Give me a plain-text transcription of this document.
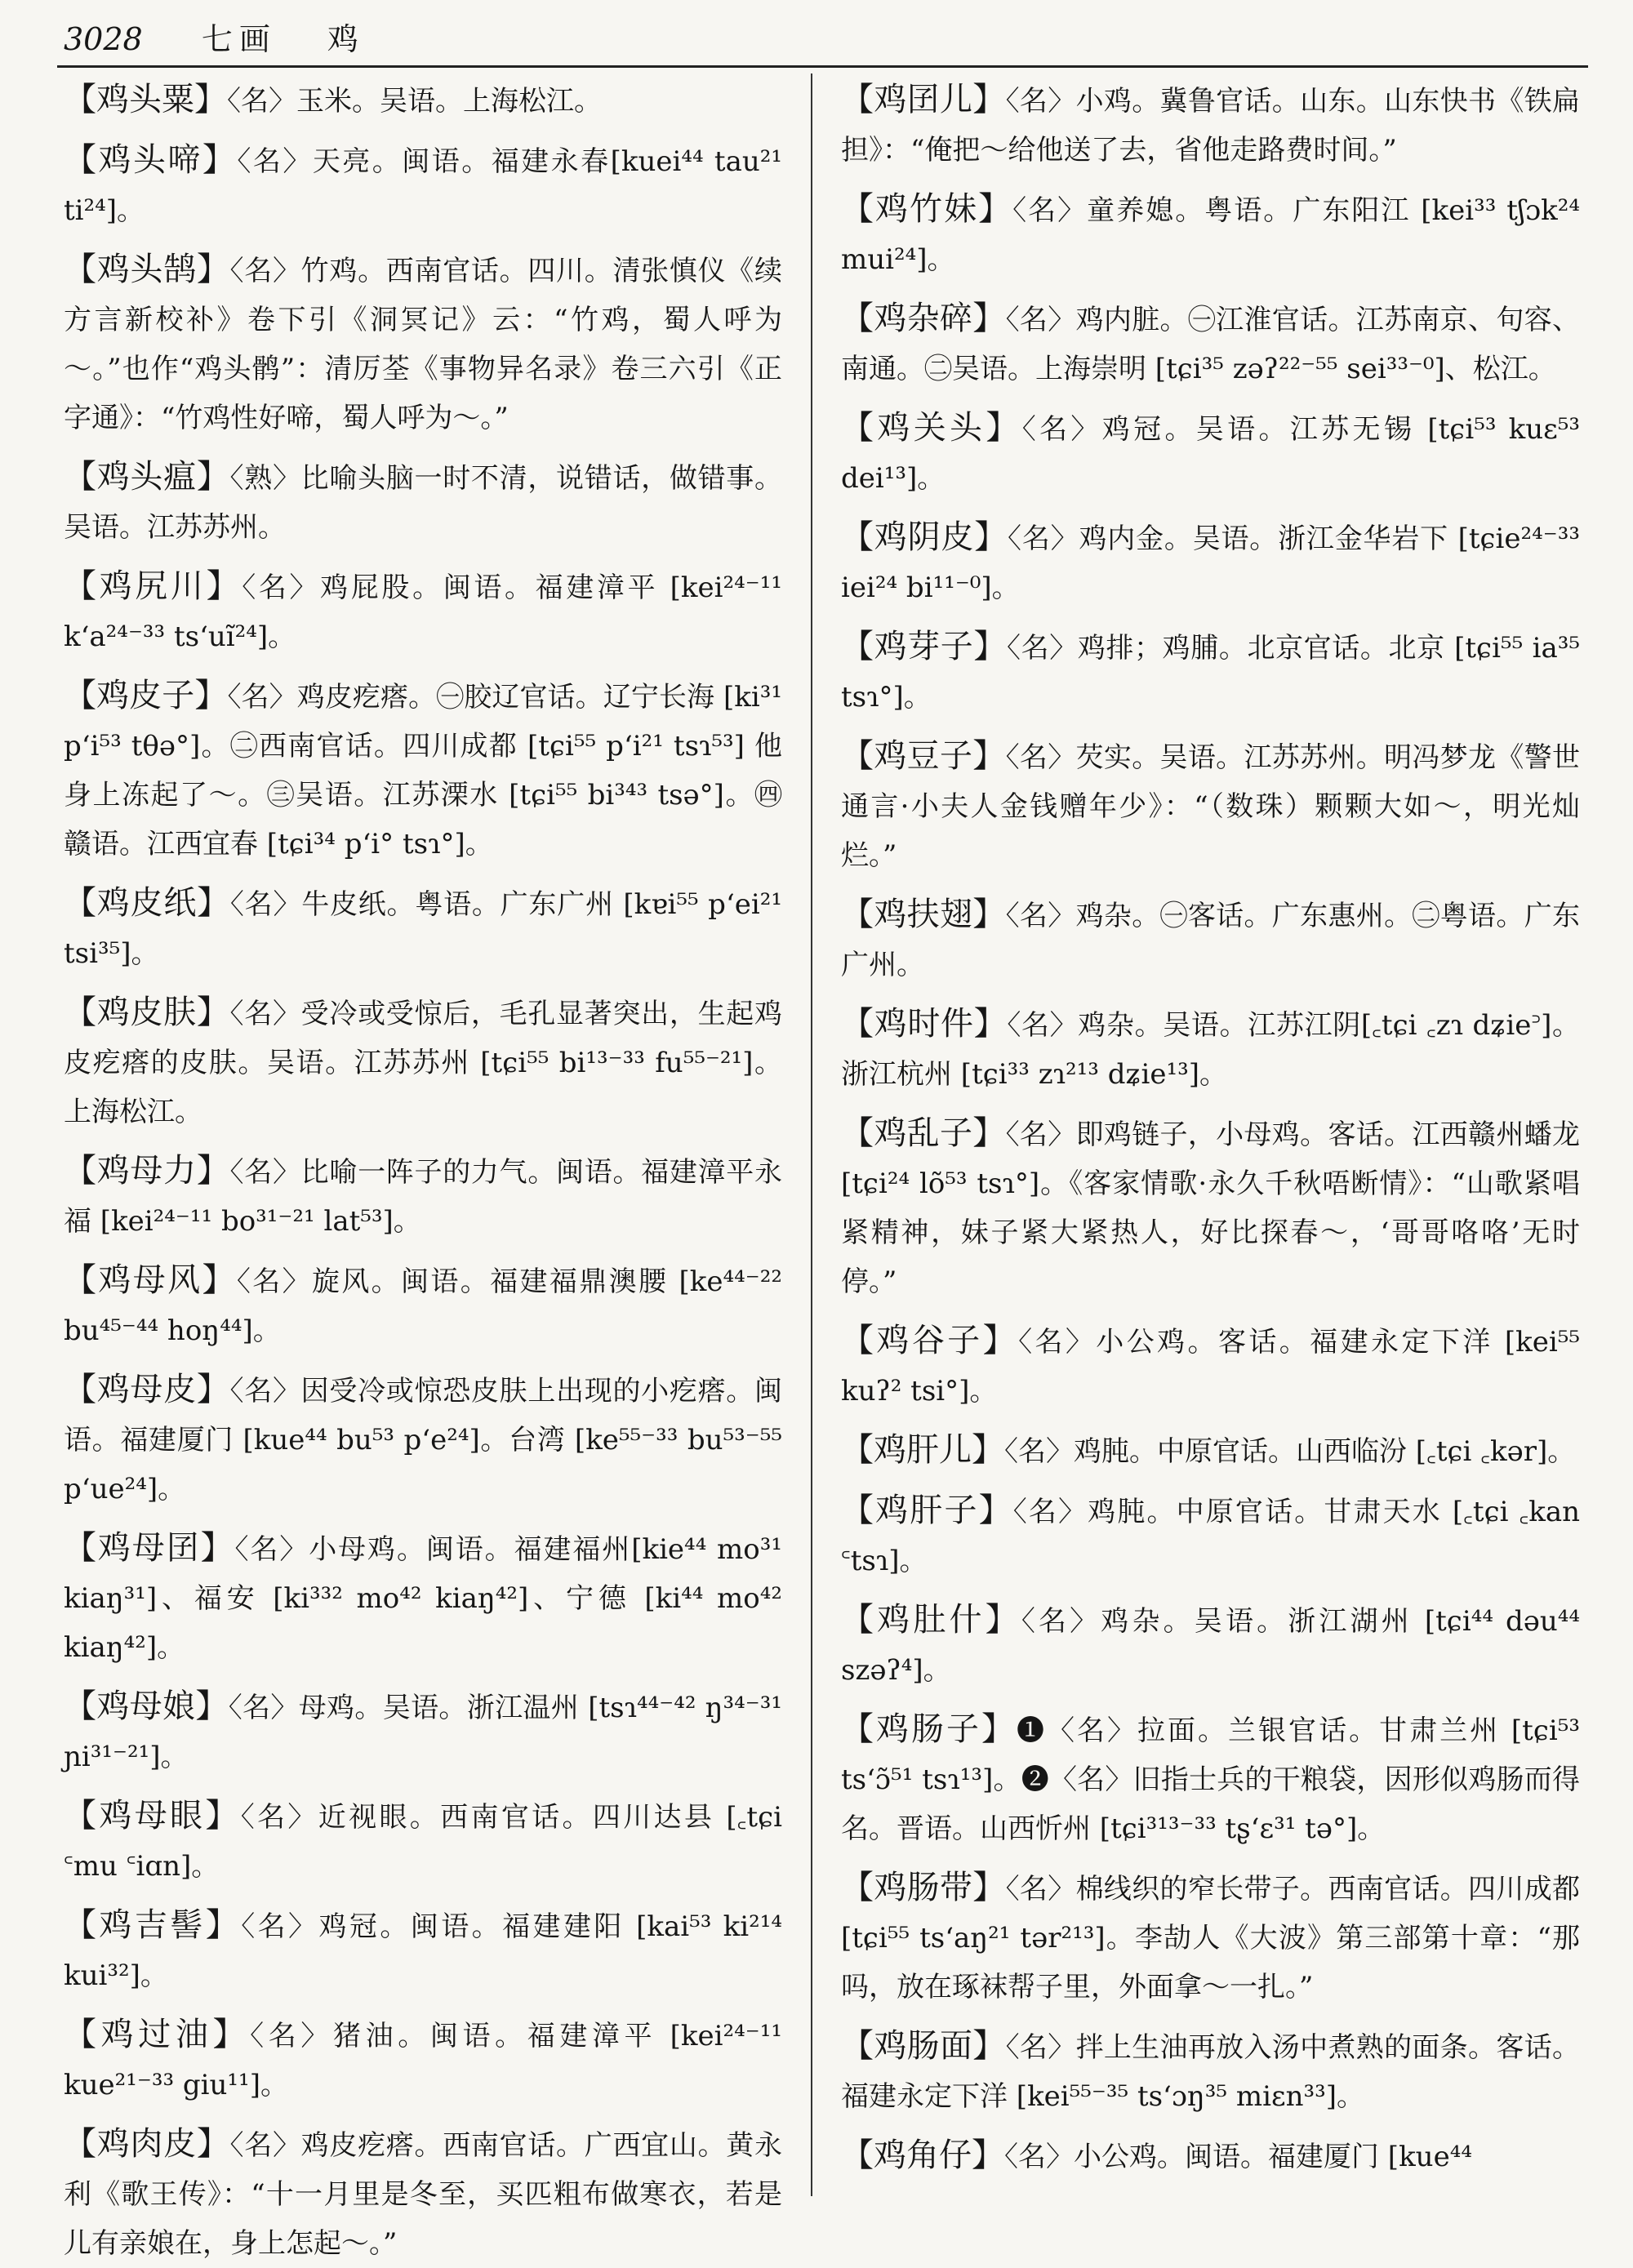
3028 七画 鸡

【鸡头粟】〈名〉玉米。吴语。上海松江。

【鸡头啼】〈名〉天亮。闽语。福建永春[kuei⁴⁴ tau²¹ ti²⁴]。

【鸡头鹄】〈名〉竹鸡。西南官话。四川。清张慎仪《续方言新校补》卷下引《洞冥记》云：“竹鸡，蜀人呼为～。”也作“鸡头鹘”：清厉荃《事物异名录》卷三六引《正字通》：“竹鸡性好啼，蜀人呼为～。”

【鸡头瘟】〈熟〉比喻头脑一时不清，说错话，做错事。吴语。江苏苏州。

【鸡尻川】〈名〉鸡屁股。闽语。福建漳平 [kei²⁴⁻¹¹ k‘a²⁴⁻³³ ts‘uĩ²⁴]。

【鸡皮子】〈名〉鸡皮疙瘩。㊀胶辽官话。辽宁长海 [ki³¹ p‘i⁵³ tθə°]。㊁西南官话。四川成都 [tɕi⁵⁵ p‘i²¹ tsɿ⁵³] 他身上冻起了～。㊂吴语。江苏溧水 [tɕi⁵⁵ bi³⁴³ tsə°]。㊃赣语。江西宜春 [tɕi³⁴ p‘i° tsɿ°]。

【鸡皮纸】〈名〉牛皮纸。粤语。广东广州 [kɐi⁵⁵ p‘ei²¹ tsi³⁵]。

【鸡皮肤】〈名〉受冷或受惊后，毛孔显著突出，生起鸡皮疙瘩的皮肤。吴语。江苏苏州 [tɕi⁵⁵ bi¹³⁻³³ fu⁵⁵⁻²¹]。上海松江。

【鸡母力】〈名〉比喻一阵子的力气。闽语。福建漳平永福 [kei²⁴⁻¹¹ bo³¹⁻²¹ lat⁵³]。

【鸡母风】〈名〉旋风。闽语。福建福鼎澳腰 [ke⁴⁴⁻²² bu⁴⁵⁻⁴⁴ hoŋ⁴⁴]。

【鸡母皮】〈名〉因受冷或惊恐皮肤上出现的小疙瘩。闽语。福建厦门 [kue⁴⁴ bu⁵³ p‘e²⁴]。台湾 [ke⁵⁵⁻³³ bu⁵³⁻⁵⁵ p‘ue²⁴]。

【鸡母囝】〈名〉小母鸡。闽语。福建福州[kie⁴⁴ mo³¹ kiaŋ³¹]、福安 [ki³³² mo⁴² kiaŋ⁴²]、宁德 [ki⁴⁴ mo⁴² kiaŋ⁴²]。

【鸡母娘】〈名〉母鸡。吴语。浙江温州 [tsɿ⁴⁴⁻⁴² ŋ³⁴⁻³¹ ɲi³¹⁻²¹]。

【鸡母眼】〈名〉近视眼。西南官话。四川达县 [꜀tɕi ꜂mu ꜂iɑn]。

【鸡吉髻】〈名〉鸡冠。闽语。福建建阳 [kai⁵³ ki²¹⁴ kui³²]。

【鸡过油】〈名〉猪油。闽语。福建漳平 [kei²⁴⁻¹¹ kue²¹⁻³³ giu¹¹]。

【鸡肉皮】〈名〉鸡皮疙瘩。西南官话。广西宜山。黄永利《歌王传》：“十一月里是冬至，买匹粗布做寒衣，若是儿有亲娘在，身上怎起～。”

【鸡囝儿】〈名〉小鸡。冀鲁官话。山东。山东快书《铁扁担》：“俺把～给他送了去，省他走路费时间。”

【鸡竹妹】〈名〉童养媳。粤语。广东阳江 [kei³³ tʃɔk²⁴ mui²⁴]。

【鸡杂碎】〈名〉鸡内脏。㊀江淮官话。江苏南京、句容、南通。㊁吴语。上海崇明 [tɕi³⁵ zəʔ²²⁻⁵⁵ sei³³⁻⁰]、松江。

【鸡关头】〈名〉鸡冠。吴语。江苏无锡 [tɕi⁵³ kuɛ⁵³ dei¹³]。

【鸡阴皮】〈名〉鸡内金。吴语。浙江金华岩下 [tɕie²⁴⁻³³ iei²⁴ bi¹¹⁻⁰]。

【鸡芽子】〈名〉鸡排；鸡脯。北京官话。北京 [tɕi⁵⁵ ia³⁵ tsɿ°]。

【鸡豆子】〈名〉芡实。吴语。江苏苏州。明冯梦龙《警世通言·小夫人金钱赠年少》：“（数珠）颗颗大如～，明光灿烂。”

【鸡扶翅】〈名〉鸡杂。㊀客话。广东惠州。㊁粤语。广东广州。

【鸡时件】〈名〉鸡杂。吴语。江苏江阴[꜀tɕi ꜀zɿ dʑie꜄]。浙江杭州 [tɕi³³ zɿ²¹³ dʑie¹³]。

【鸡乱子】〈名〉即鸡链子，小母鸡。客话。江西赣州蟠龙 [tɕi²⁴ lõ⁵³ tsɿ°]。《客家情歌·永久千秋唔断情》：“山歌紧唱紧精神，妹子紧大紧热人，好比探春～，‘哥哥咯咯’无时停。”

【鸡谷子】〈名〉小公鸡。客话。福建永定下洋 [kei⁵⁵ kuʔ² tsi°]。

【鸡肝儿】〈名〉鸡肫。中原官话。山西临汾 [꜀tɕi ꜀kər]。

【鸡肝子】〈名〉鸡肫。中原官话。甘肃天水 [꜀tɕi ꜀kan ꜂tsɿ]。

【鸡肚什】〈名〉鸡杂。吴语。浙江湖州 [tɕi⁴⁴ dəu⁴⁴ szəʔ⁴]。

【鸡肠子】❶〈名〉拉面。兰银官话。甘肃兰州 [tɕi⁵³ ts‘ɔ̃⁵¹ tsɿ¹³]。❷〈名〉旧指士兵的干粮袋，因形似鸡肠而得名。晋语。山西忻州 [tɕi³¹³⁻³³ tʂ‘ɛ³¹ tə°]。

【鸡肠带】〈名〉棉线织的窄长带子。西南官话。四川成都 [tɕi⁵⁵ ts‘aŋ²¹ tər²¹³]。李劼人《大波》第三部第十章：“那吗，放在琢袜帮子里，外面拿～一扎。”

【鸡肠面】〈名〉拌上生油再放入汤中煮熟的面条。客话。福建永定下洋 [kei⁵⁵⁻³⁵ ts‘ɔŋ³⁵ miɛn³³]。

【鸡角仔】〈名〉小公鸡。闽语。福建厦门 [kue⁴⁴
